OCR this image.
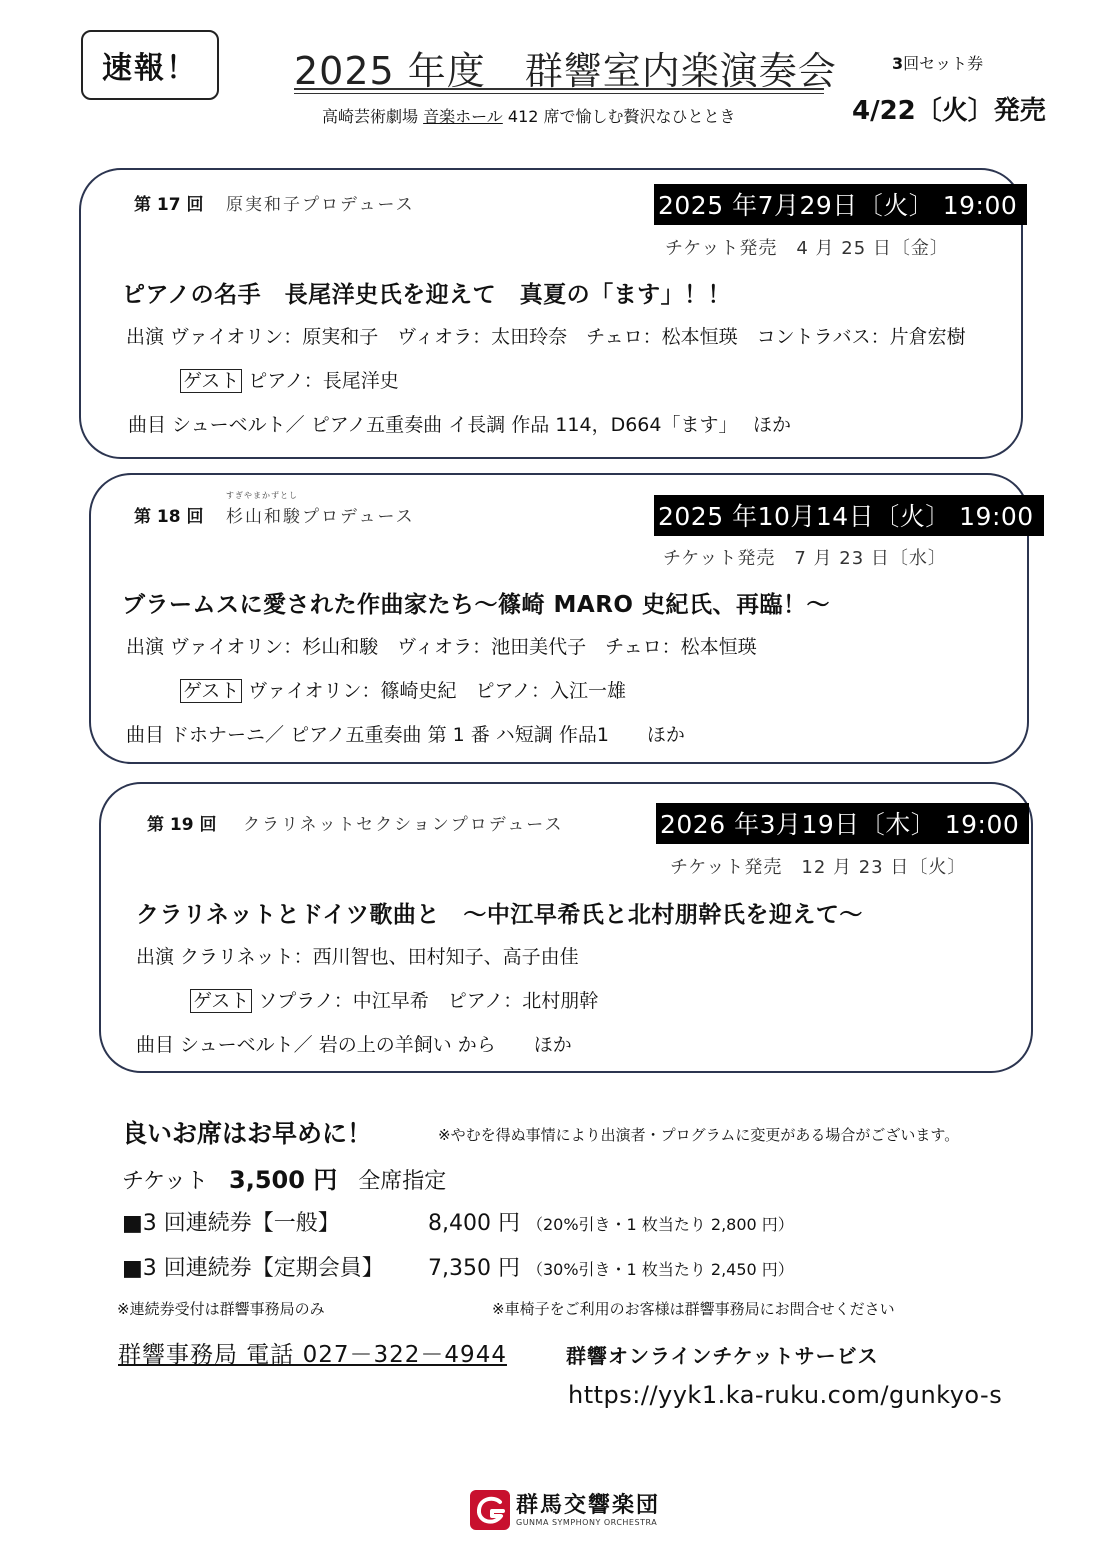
速報！	2025 年度　群響室内楽演奏会
高崎芸術劇場 音楽ホール 412 席で愉しむ贅沢なひととき
3回セット券
4/22〔火〕発売
第 17 回 原実和子プロデュース	2025 年7月29日〔火〕 19:00
チケット発売　4 月 25 日〔金〕
ピアノの名手　長尾洋史氏を迎えて　真夏の「ます」！！
出演 ヴァイオリン：原実和子　ヴィオラ：太田玲奈　チェロ：松本恒瑛　コントラバス：片倉宏樹
ゲスト ピアノ：長尾洋史
曲目 シューベルト／ ピアノ五重奏曲 イ長調 作品 114，D664「ます」　 ほか
第 18 回
すぎやまかずとし
杉山和駿プロデュース	2025 年10月14日〔火〕 19:00
チケット発売　7 月 23 日〔水〕
ブラームスに愛された作曲家たち～篠崎 MARO 史紀氏、再臨！～
出演 ヴァイオリン：杉山和駿　ヴィオラ：池田美代子　チェロ：松本恒瑛
ゲスト ヴァイオリン：篠崎史紀　ピアノ：入江一雄
曲目 ドホナーニ／ ピアノ五重奏曲 第 1 番 ハ短調 作品1　　ほか
第 19 回 クラリネットセクションプロデュース	2026 年3月19日〔木〕 19:00
チケット発売　12 月 23 日〔火〕
クラリネットとドイツ歌曲と　～中江早希氏と北村朋幹氏を迎えて～
出演 クラリネット：西川智也、田村知子、高子由佳
ゲスト ソプラノ：中江早希　ピアノ：北村朋幹
曲目 シューベルト／ 岩の上の羊飼い から　　ほか
良いお席はお早めに！	※やむを得ぬ事情により出演者・プログラムに変更がある場合がございます。
チケット 3,500 円 全席指定
■3 回連続券【一般】	8,400 円 （20%引き・1 枚当たり 2,800 円）
■3 回連続券【定期会員】 7,350 円 （30%引き・1 枚当たり 2,450 円）
※連続券受付は群響事務局のみ	※車椅子をご利用のお客様は群響事務局にお問合せください
群響事務局 電話 027－322－4944	群響オンラインチケットサービス
https://yyk1.ka-ruku.com/gunkyo-s
群馬交響楽団
GUNMA SYMPHONY ORCHESTRA
